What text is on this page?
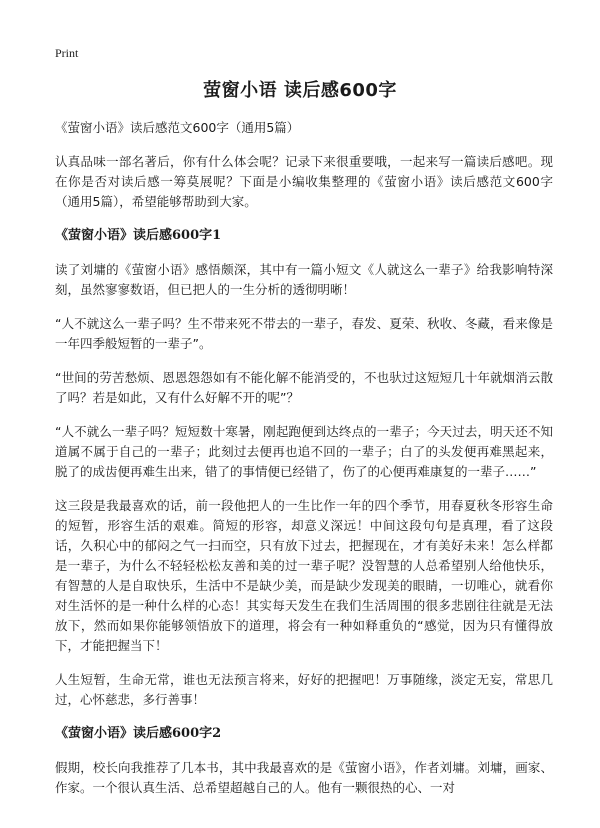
Print
萤窗小语 读后感600字
《萤窗小语》读后感范文600字（通用5篇）

认真品味一部名著后，你有什么体会呢？记录下来很重要哦，一起来写一篇读后感吧。现在你是否对读后感一筹莫展呢？下面是小编收集整理的《萤窗小语》读后感范文600字（通用5篇），希望能够帮助到大家。

《萤窗小语》读后感600字1

读了刘墉的《萤窗小语》感悟颇深，其中有一篇小短文《人就这么一辈子》给我影响特深刻，虽然寥寥数语，但已把人的一生分析的透彻明晰！

“人不就这么一辈子吗？生不带来死不带去的一辈子，春发、夏荣、秋收、冬藏，看来像是一年四季般短暂的一辈子”。

“世间的劳苦愁烦、恩恩怨怨如有不能化解不能消受的，不也驮过这短短几十年就烟消云散了吗？若是如此，又有什么好解不开的呢”？

“人不就么一辈子吗？短短数十寒暑，刚起跑便到达终点的一辈子；今天过去，明天还不知道属不属于自己的一辈子；此刻过去便再也追不回的一辈子；白了的头发便再难黑起来，脱了的成齿便再难生出来，错了的事情便已经错了，伤了的心便再难康复的一辈子……”

这三段是我最喜欢的话，前一段他把人的一生比作一年的四个季节，用春夏秋冬形容生命的短暂，形容生活的艰难。简短的形容，却意义深远！中间这段句句是真理，看了这段话，久积心中的郁闷之气一扫而空，只有放下过去，把握现在，才有美好未来！怎么样都是一辈子，为什么不轻轻松松友善和美的过一辈子呢？没智慧的人总希望别人给他快乐，有智慧的人是自取快乐，生活中不是缺少美，而是缺少发现美的眼睛，一切唯心，就看你对生活怀的是一种什么样的心态！其实每天发生在我们生活周围的很多悲剧往往就是无法放下，然而如果你能够领悟放下的道理，将会有一种如释重负的“感觉，因为只有懂得放下，才能把握当下！

人生短暂，生命无常，谁也无法预言将来，好好的把握吧！万事随缘，淡定无妄，常思几过，心怀慈悲，多行善事！

《萤窗小语》读后感600字2

假期，校长向我推荐了几本书，其中我最喜欢的是《萤窗小语》，作者刘墉。刘墉，画家、作家。一个很认真生活、总希望超越自己的人。他有一颗很热的心、一对
